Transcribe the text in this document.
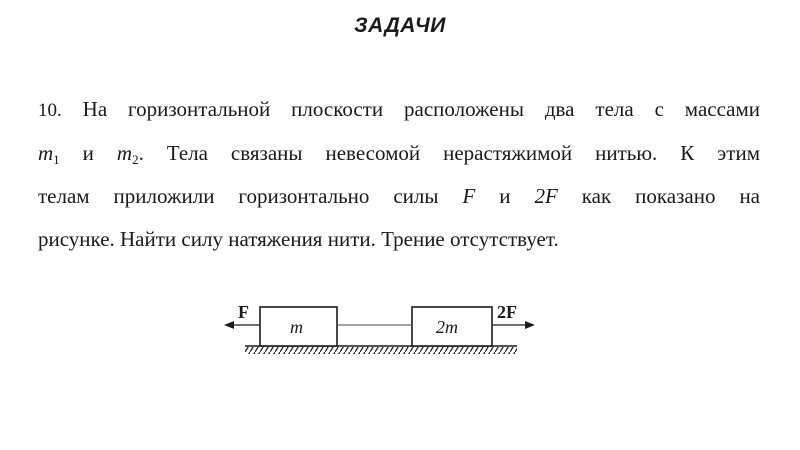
ЗАДАЧИ
10. На горизонтальной плоскости расположены два тела с массами
$m_1$ и $m_2$. Тела связаны невесомой нерастяжимой нитью. К этим
телам приложили горизонтально силы F и 2F как показано на
рисунке. Найти силу натяжения нити. Трение отсутствует.
F	2F
m	2m
